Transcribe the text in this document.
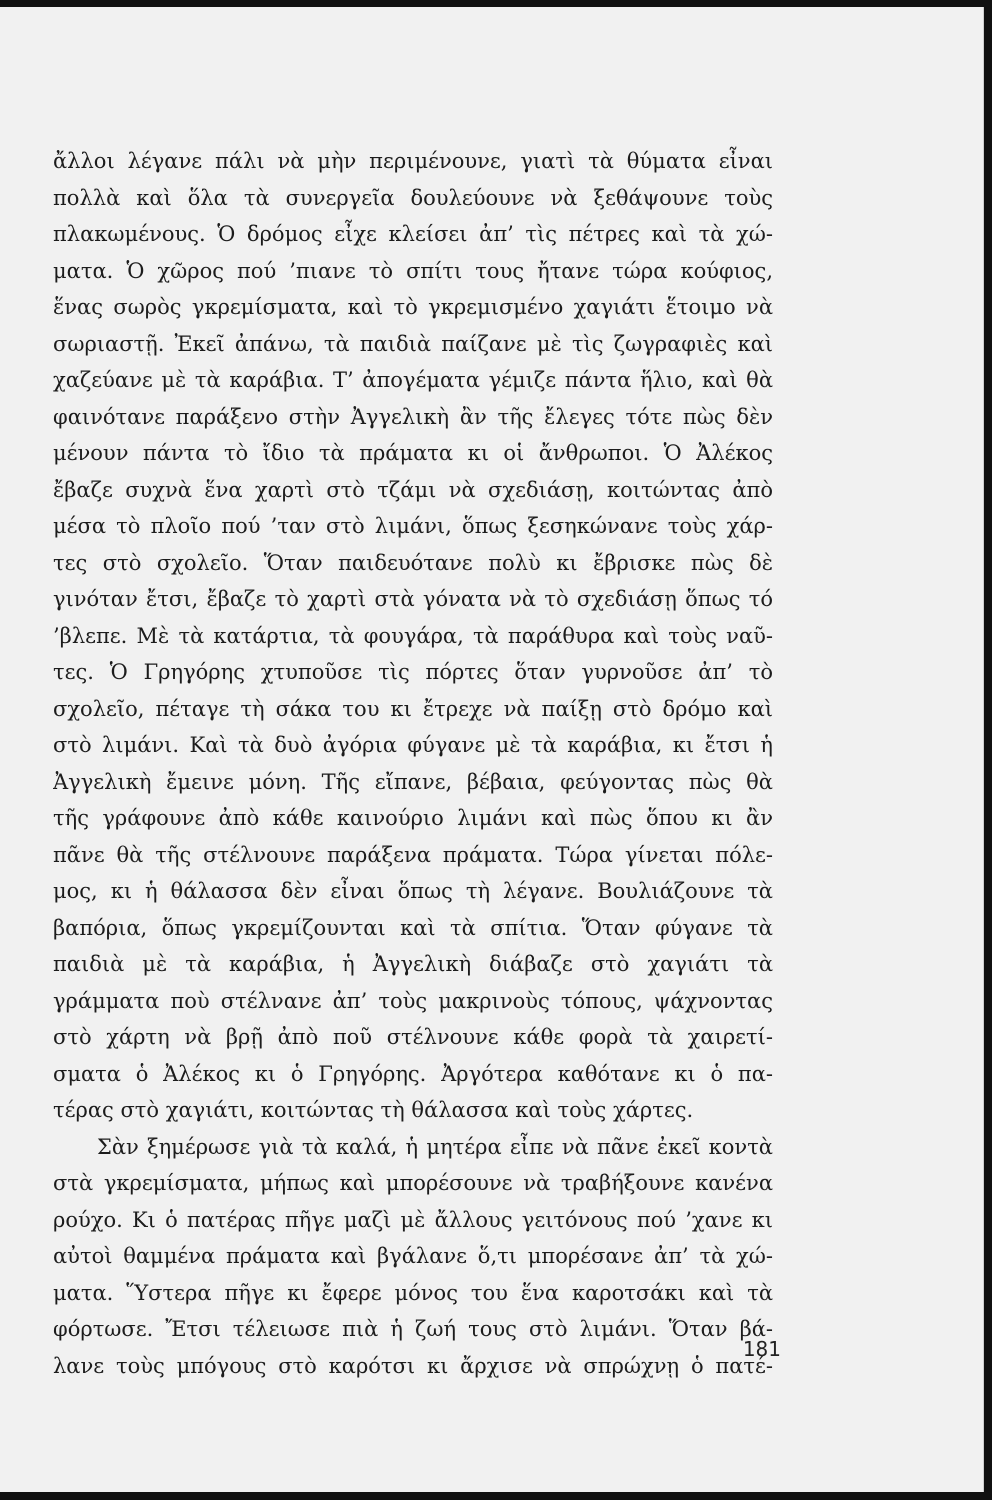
ἄλλοι λέγανε πάλι νὰ μὴν περιμένουνε, γιατὶ τὰ θύματα εἶναι
πολλὰ καὶ ὅλα τὰ συνεργεῖα δουλεύουνε νὰ ξεθάψουνε τοὺς
πλακωμένους. Ὁ δρόμος εἶχε κλείσει ἀπ’ τὶς πέτρες καὶ τὰ χώ-
ματα. Ὁ χῶρος πού ’πιανε τὸ σπίτι τους ἤτανε τώρα κούφιος,
ἕνας σωρὸς γκρεμίσματα, καὶ τὸ γκρεμισμένο χαγιάτι ἕτοιμο νὰ
σωριαστῇ. Ἐκεῖ ἀπάνω, τὰ παιδιὰ παίζανε μὲ τὶς ζωγραφιὲς καὶ
χαζεύανε μὲ τὰ καράβια. Τ’ ἀπογέματα γέμιζε πάντα ἥλιο, καὶ θὰ
φαινότανε παράξενο στὴν Ἀγγελικὴ ἂν τῆς ἔλεγες τότε πὼς δὲν
μένουν πάντα τὸ ἴδιο τὰ πράματα κι οἱ ἄνθρωποι. Ὁ Ἀλέκος
ἔβαζε συχνὰ ἕνα χαρτὶ στὸ τζάμι νὰ σχεδιάσῃ, κοιτώντας ἀπὸ
μέσα τὸ πλοῖο πού ’ταν στὸ λιμάνι, ὅπως ξεσηκώνανε τοὺς χάρ-
τες στὸ σχολεῖο. Ὅταν παιδευότανε πολὺ κι ἔβρισκε πὼς δὲ
γινόταν ἔτσι, ἔβαζε τὸ χαρτὶ στὰ γόνατα νὰ τὸ σχεδιάσῃ ὅπως τό
’βλεπε. Μὲ τὰ κατάρτια, τὰ φουγάρα, τὰ παράθυρα καὶ τοὺς ναῦ-
τες. Ὁ Γρηγόρης χτυποῦσε τὶς πόρτες ὅταν γυρνοῦσε ἀπ’ τὸ
σχολεῖο, πέταγε τὴ σάκα του κι ἔτρεχε νὰ παίξῃ στὸ δρόμο καὶ
στὸ λιμάνι. Καὶ τὰ δυὸ ἀγόρια φύγανε μὲ τὰ καράβια, κι ἔτσι ἡ
Ἀγγελικὴ ἔμεινε μόνη. Τῆς εἴπανε, βέβαια, φεύγοντας πὼς θὰ
τῆς γράφουνε ἀπὸ κάθε καινούριο λιμάνι καὶ πὼς ὅπου κι ἂν
πᾶνε θὰ τῆς στέλνουνε παράξενα πράματα. Τώρα γίνεται πόλε-
μος, κι ἡ θάλασσα δὲν εἶναι ὅπως τὴ λέγανε. Βουλιάζουνε τὰ
βαπόρια, ὅπως γκρεμίζουνται καὶ τὰ σπίτια. Ὅταν φύγανε τὰ
παιδιὰ μὲ τὰ καράβια, ἡ Ἀγγελικὴ διάβαζε στὸ χαγιάτι τὰ
γράμματα ποὺ στέλνανε ἀπ’ τοὺς μακρινοὺς τόπους, ψάχνοντας
στὸ χάρτη νὰ βρῇ ἀπὸ ποῦ στέλνουνε κάθε φορὰ τὰ χαιρετί-
σματα ὁ Ἀλέκος κι ὁ Γρηγόρης. Ἀργότερα καθότανε κι ὁ πα-
τέρας στὸ χαγιάτι, κοιτώντας τὴ θάλασσα καὶ τοὺς χάρτες.
Σὰν ξημέρωσε γιὰ τὰ καλά, ἡ μητέρα εἶπε νὰ πᾶνε ἐκεῖ κοντὰ
στὰ γκρεμίσματα, μήπως καὶ μπορέσουνε νὰ τραβήξουνε κανένα
ρούχο. Κι ὁ πατέρας πῆγε μαζὶ μὲ ἄλλους γειτόνους πού ’χανε κι
αὐτοὶ θαμμένα πράματα καὶ βγάλανε ὅ,τι μπορέσανε ἀπ’ τὰ χώ-
ματα. Ὕστερα πῆγε κι ἔφερε μόνος του ἕνα καροτσάκι καὶ τὰ
φόρτωσε. Ἔτσι τέλειωσε πιὰ ἡ ζωή τους στὸ λιμάνι. Ὅταν βά-
λανε τοὺς μπόγους στὸ καρότσι κι ἄρχισε νὰ σπρώχνῃ ὁ πατέ-
181
